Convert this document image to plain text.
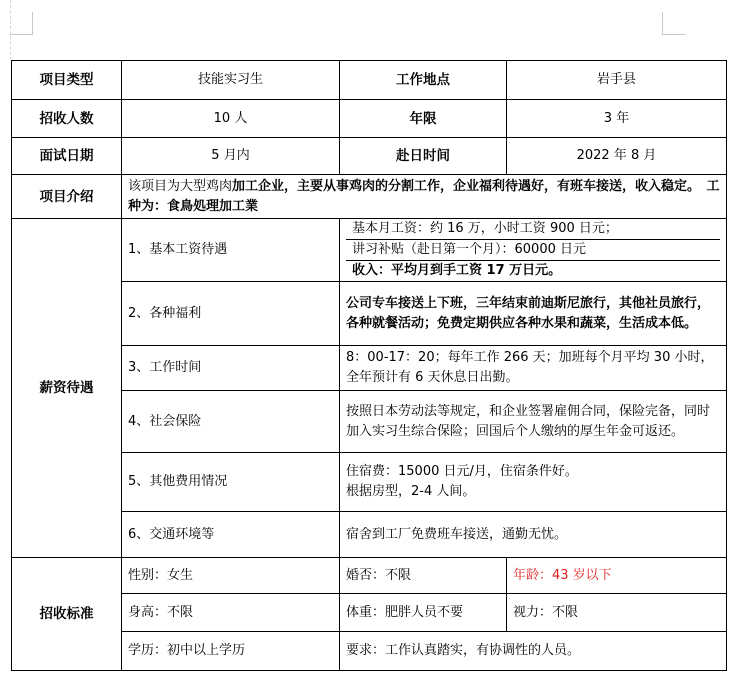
项目类型	技能实习生	工作地点	岩手县
招收人数	10 人	年限	3 年
面试日期	5 月内	赴日时间	2022 年 8 月
项目介绍	该项目为大型鸡肉加工企业，主要从事鸡肉的分割工作，企业福利待遇好，有班车接送，收入稳定。　工种为：食鳥処理加工業		
薪资待遇	1、基本工资待遇	基本月工资：约 16 万，小时工资 900 日元；
讲习补贴（赴日第一个月）：60000 日元
收入：平均月到手工资 17 万日元。	

	2、各种福利	公司专车接送上下班，三年结束前迪斯尼旅行，其他社员旅行，各种就餐活动；免费定期供应各种水果和蔬菜，生活成本低。	
	3、工作时间	8：00-17：20；每年工作 266 天；加班每个月平均 30 小时，全年预计有 6 天休息日出勤。	
	4、社会保险	按照日本劳动法等规定，和企业签署雇佣合同，保险完备，同时加入实习生综合保险；回国后个人缴纳的厚生年金可返还。	
	5、其他费用情况	住宿费：15000 日元/月，住宿条件好。
根据房型，2-4 人间。	

	6、交通环境等	宿舍到工厂免费班车接送，通勤无忧。	
招收标准	性别：女生	婚否：不限	年龄：43 岁以下
	身高：不限	体重：肥胖人员不要	视力：不限
	学历：初中以上学历	要求：工作认真踏实，有协调性的人员。	
